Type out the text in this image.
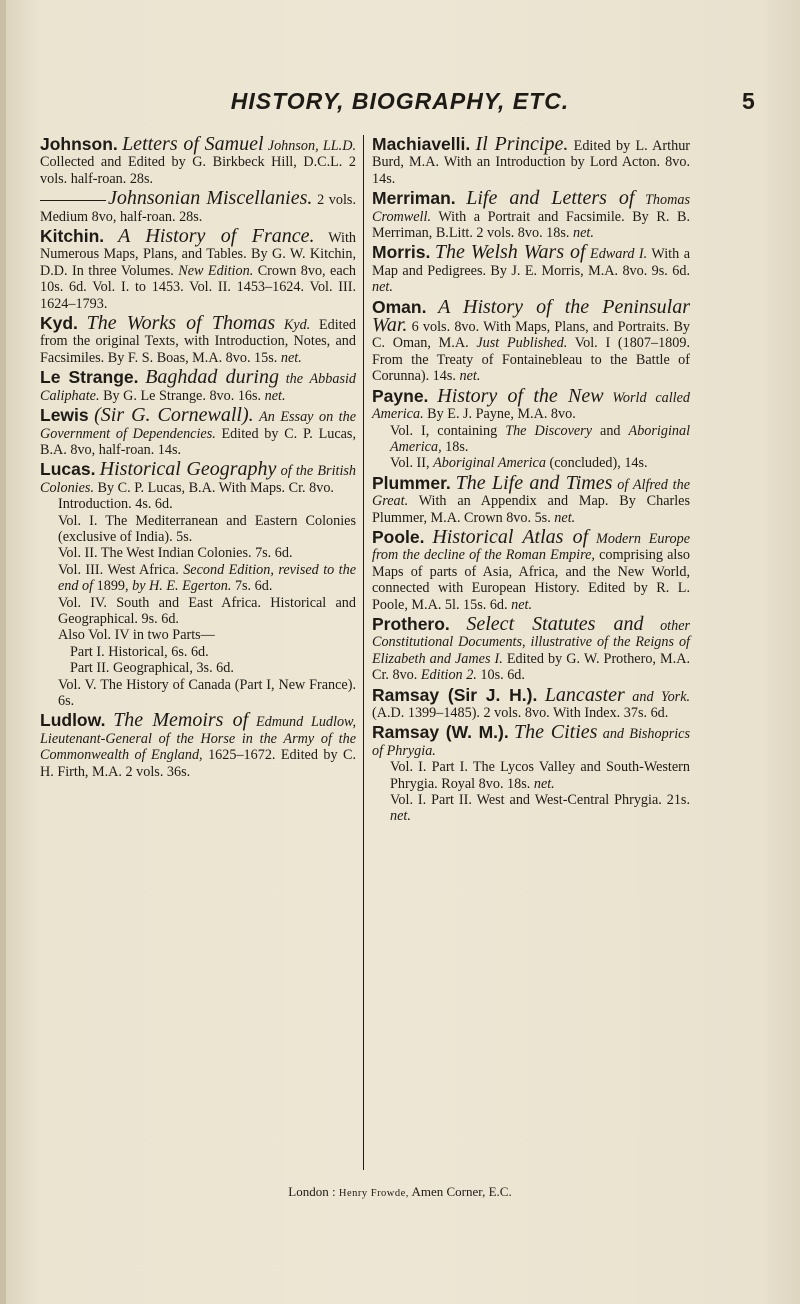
HISTORY, BIOGRAPHY, ETC.	5

Johnson. Letters of Samuel Johnson, LL.D. Collected and Edited by G. Birkbeck Hill, D.C.L. 2 vols. half-roan. 28s.

Johnsonian Miscellanies. 2 vols. Medium 8vo, half-roan. 28s.

Kitchin. A History of France. With Numerous Maps, Plans, and Tables. By G. W. Kitchin, D.D. In three Volumes. New Edition. Crown 8vo, each 10s. 6d. Vol. I. to 1453. Vol. II. 1453–1624. Vol. III. 1624–1793.

Kyd. The Works of Thomas Kyd. Edited from the original Texts, with Introduction, Notes, and Facsimiles. By F. S. Boas, M.A. 8vo. 15s. net.

Le Strange. Baghdad during the Abbasid Caliphate. By G. Le Strange. 8vo. 16s. net.

Lewis (Sir G. Cornewall). An Essay on the Government of Dependencies. Edited by C. P. Lucas, B.A. 8vo, half-roan. 14s.

Lucas. Historical Geography of the British Colonies. By C. P. Lucas, B.A. With Maps. Cr. 8vo.
Introduction. 4s. 6d.
Vol. I. The Mediterranean and Eastern Colonies (exclusive of India). 5s.
Vol. II. The West Indian Colonies. 7s. 6d.
Vol. III. West Africa. Second Edition, revised to the end of 1899, by H. E. Egerton. 7s. 6d.
Vol. IV. South and East Africa. Historical and Geographical. 9s. 6d.
Also Vol. IV in two Parts—
Part I. Historical, 6s. 6d.
Part II. Geographical, 3s. 6d.
Vol. V. The History of Canada (Part I, New France). 6s.

Ludlow. The Memoirs of Edmund Ludlow, Lieutenant-General of the Horse in the Army of the Commonwealth of England, 1625–1672. Edited by C. H. Firth, M.A. 2 vols. 36s.

Machiavelli. Il Principe. Edited by L. Arthur Burd, M.A. With an Introduction by Lord Acton. 8vo. 14s.

Merriman. Life and Letters of Thomas Cromwell. With a Portrait and Facsimile. By R. B. Merriman, B.Litt. 2 vols. 8vo. 18s. net.

Morris. The Welsh Wars of Edward I. With a Map and Pedigrees. By J. E. Morris, M.A. 8vo. 9s. 6d. net.

Oman. A History of the Peninsular War. 6 vols. 8vo. With Maps, Plans, and Portraits. By C. Oman, M.A. Just Published. Vol. I (1807–1809. From the Treaty of Fontainebleau to the Battle of Corunna). 14s. net.

Payne. History of the New World called America. By E. J. Payne, M.A. 8vo.
Vol. I, containing The Discovery and Aboriginal America, 18s.
Vol. II, Aboriginal America (concluded), 14s.

Plummer. The Life and Times of Alfred the Great. With an Appendix and Map. By Charles Plummer, M.A. Crown 8vo. 5s. net.

Poole. Historical Atlas of Modern Europe from the decline of the Roman Empire, comprising also Maps of parts of Asia, Africa, and the New World, connected with European History. Edited by R. L. Poole, M.A. 5l. 15s. 6d. net.

Prothero. Select Statutes and other Constitutional Documents, illustrative of the Reigns of Elizabeth and James I. Edited by G. W. Prothero, M.A. Cr. 8vo. Edition 2. 10s. 6d.

Ramsay (Sir J. H.). Lancaster and York. (A.D. 1399–1485). 2 vols. 8vo. With Index. 37s. 6d.

Ramsay (W. M.). The Cities and Bishoprics of Phrygia.
Vol. I. Part I. The Lycos Valley and South-Western Phrygia. Royal 8vo. 18s. net.
Vol. I. Part II. West and West-Central Phrygia. 21s. net.
London : Henry Frowde, Amen Corner, E.C.
